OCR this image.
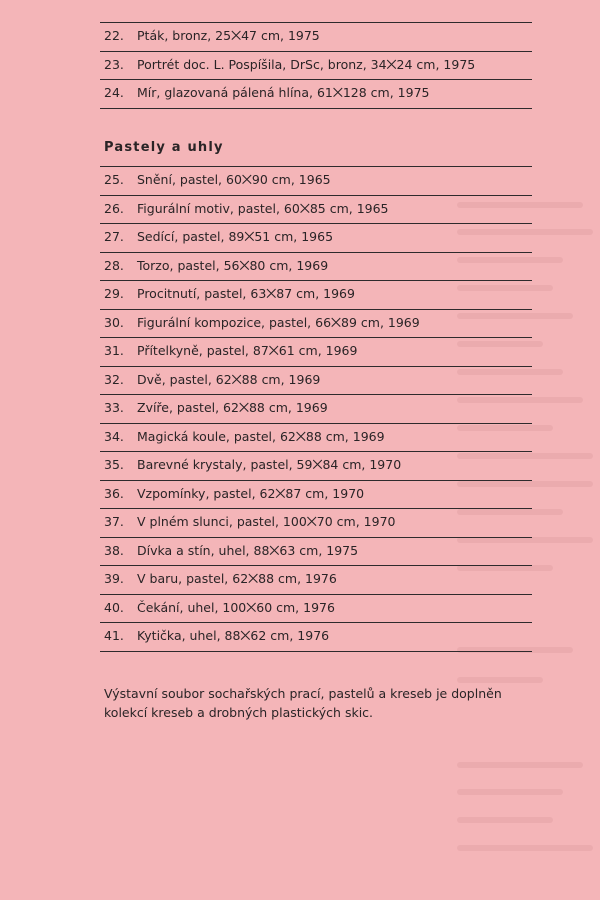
22. Pták, bronz, 25⨉47 cm, 1975
23. Portrét doc. L. Pospíšila, DrSc, bronz, 34⨉24 cm, 1975
24. Mír, glazovaná pálená hlína, 61⨉128 cm, 1975
Pastely a uhly
25. Snění, pastel, 60⨉90 cm, 1965
26. Figurální motiv, pastel, 60⨉85 cm, 1965
27. Sedící, pastel, 89⨉51 cm, 1965
28. Torzo, pastel, 56⨉80 cm, 1969
29. Procitnutí, pastel, 63⨉87 cm, 1969
30. Figurální kompozice, pastel, 66⨉89 cm, 1969
31. Přítelkyně, pastel, 87⨉61 cm, 1969
32. Dvě, pastel, 62⨉88 cm, 1969
33. Zvíře, pastel, 62⨉88 cm, 1969
34. Magická koule, pastel, 62⨉88 cm, 1969
35. Barevné krystaly, pastel, 59⨉84 cm, 1970
36. Vzpomínky, pastel, 62⨉87 cm, 1970
37. V plném slunci, pastel, 100⨉70 cm, 1970
38. Dívka a stín, uhel, 88⨉63 cm, 1975
39. V baru, pastel, 62⨉88 cm, 1976
40. Čekání, uhel, 100⨉60 cm, 1976
41. Kytička, uhel, 88⨉62 cm, 1976
Výstavní soubor sochařských prací, pastelů a kreseb je doplněn kolekcí kreseb a drobných plastických skic.
